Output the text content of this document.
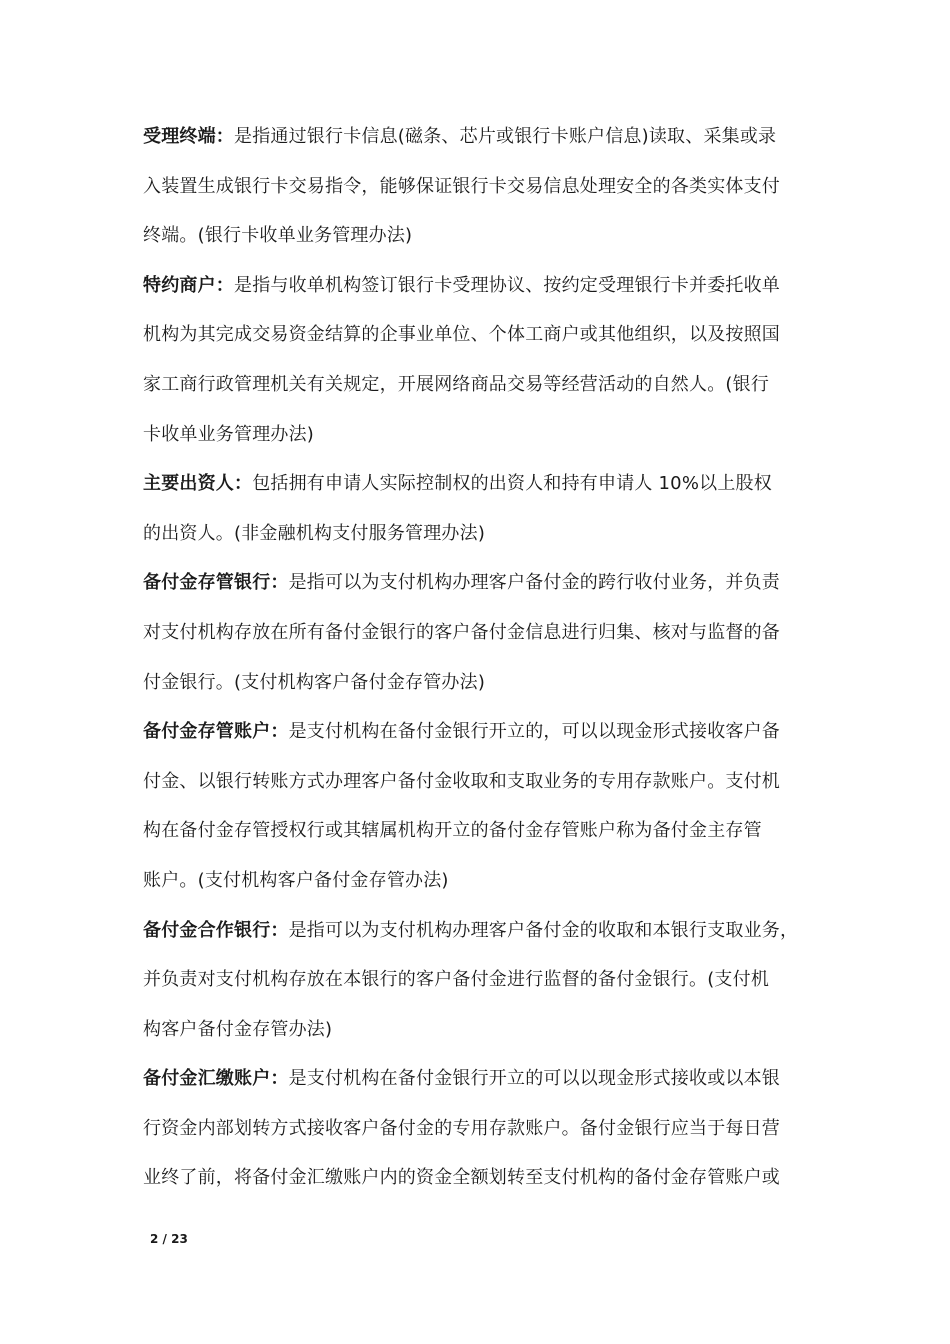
受理终端：是指通过银行卡信息(磁条、芯片或银行卡账户信息)读取、采集或录
入装置生成银行卡交易指令，能够保证银行卡交易信息处理安全的各类实体支付
终端。(银行卡收单业务管理办法)
特约商户：是指与收单机构签订银行卡受理协议、按约定受理银行卡并委托收单
机构为其完成交易资金结算的企事业单位、个体工商户或其他组织，以及按照国
家工商行政管理机关有关规定，开展网络商品交易等经营活动的自然人。(银行
卡收单业务管理办法)
主要出资人：包括拥有申请人实际控制权的出资人和持有申请人 10%以上股权
的出资人。(非金融机构支付服务管理办法)
备付金存管银行：是指可以为支付机构办理客户备付金的跨行收付业务，并负责
对支付机构存放在所有备付金银行的客户备付金信息进行归集、核对与监督的备
付金银行。(支付机构客户备付金存管办法)
备付金存管账户：是支付机构在备付金银行开立的，可以以现金形式接收客户备
付金、以银行转账方式办理客户备付金收取和支取业务的专用存款账户。支付机
构在备付金存管授权行或其辖属机构开立的备付金存管账户称为备付金主存管
账户。(支付机构客户备付金存管办法)
备付金合作银行：是指可以为支付机构办理客户备付金的收取和本银行支取业务，
并负责对支付机构存放在本银行的客户备付金进行监督的备付金银行。(支付机
构客户备付金存管办法)
备付金汇缴账户：是支付机构在备付金银行开立的可以以现金形式接收或以本银
行资金内部划转方式接收客户备付金的专用存款账户。备付金银行应当于每日营
业终了前，将备付金汇缴账户内的资金全额划转至支付机构的备付金存管账户或
2 / 23
